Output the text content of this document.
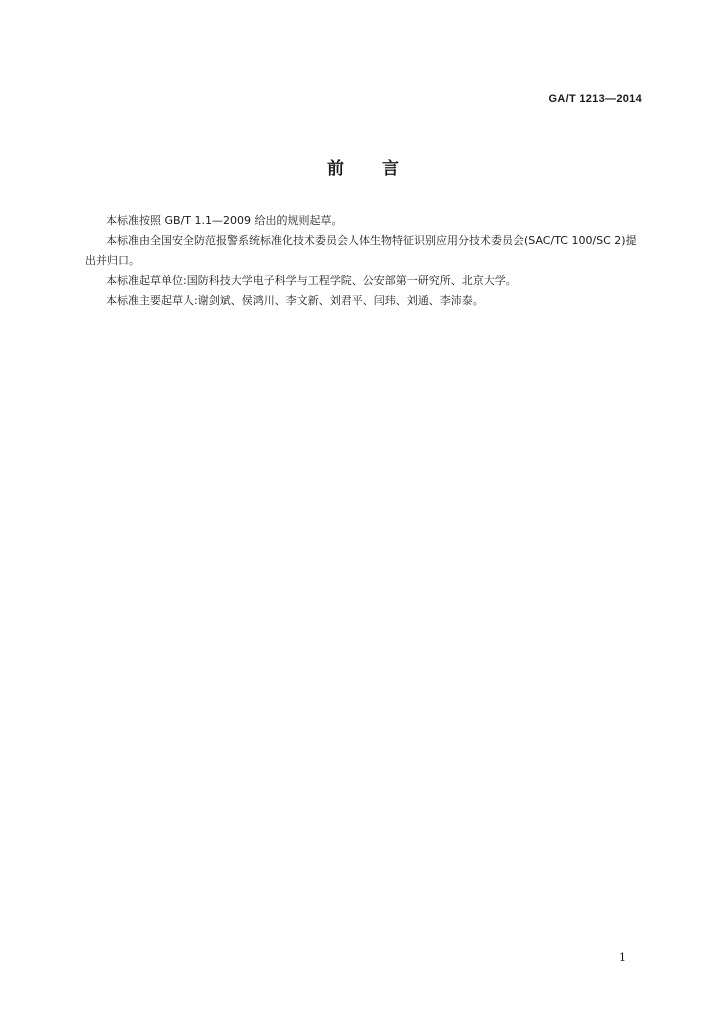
GA/T 1213—2014
前言

本标准按照 GB/T 1.1—2009 给出的规则起草。

本标准由全国安全防范报警系统标准化技术委员会人体生物特征识别应用分技术委员会(SAC/TC 100/SC 2)提出并归口。

本标准起草单位:国防科技大学电子科学与工程学院、公安部第一研究所、北京大学。

本标准主要起草人:谢剑斌、侯鸿川、李文新、刘君平、闫玮、刘通、李沛泰。

1
